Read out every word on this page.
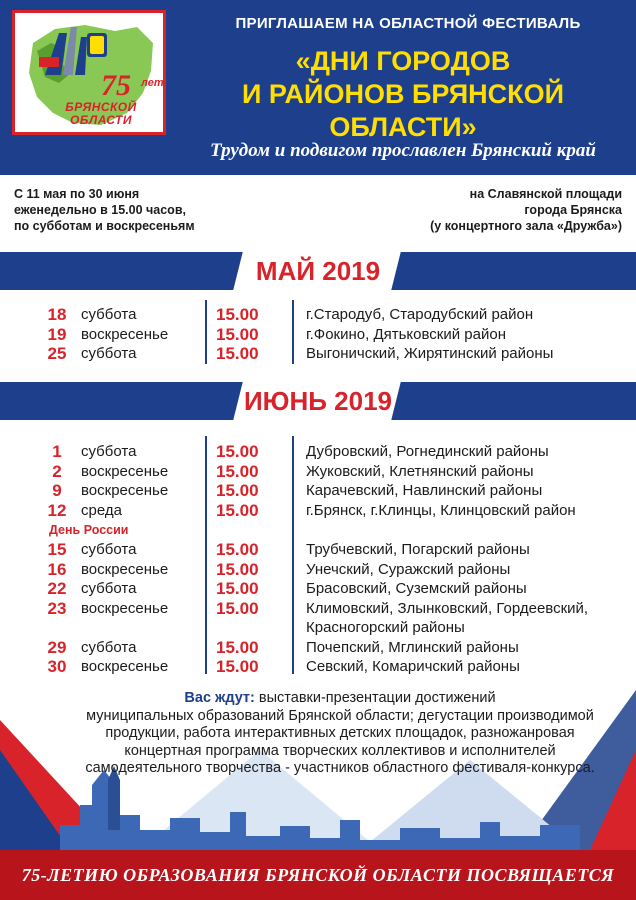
75 лет
БРЯНСКОЙ
ОБЛАСТИ
ПРИГЛАШАЕМ НА ОБЛАСТНОЙ ФЕСТИВАЛЬ
«ДНИ ГОРОДОВ
И РАЙОНОВ БРЯНСКОЙ ОБЛАСТИ»
Трудом и подвигом прославлен Брянский край
С 11 мая по 30 июня
еженедельно в 15.00 часов,
по субботам и воскресеньям
на Славянской площади
города Брянска
(у концертного зала «Дружба»)
МАЙ 2019
18 суббота	15.00	г.Стародуб, Стародубский район
19 воскресенье	15.00	г.Фокино, Дятьковский район
25 суббота	15.00	Выгоничский, Жирятинский районы
ИЮНЬ 2019
1	суббота	15.00	Дубровский, Рогнединский районы
2	воскресенье	15.00	Жуковский, Клетнянский районы
9	воскресенье	15.00	Карачевский, Навлинский районы
12 среда	15.00	г.Брянск, г.Клинцы, Клинцовский район
День России
15 суббота	15.00	Трубчевский, Погарский районы
16 воскресенье	15.00	Унечский, Суражский районы
22 суббота	15.00	Брасовский, Суземский районы
23 воскресенье	15.00	Климовский, Злынковский, Гордеевский,
Красногорский районы
29 суббота	15.00	Почепский, Мглинский районы
30 воскресенье	15.00	Севский, Комаричский районы
Вас ждут: выставки-презентации достижений
муниципальных образований Брянской области; дегустации производимой
продукции, работа интерактивных детских площадок, разножанровая
концертная программа творческих коллективов и исполнителей
самодеятельного творчества - участников областного фестиваля-конкурса.
75-ЛЕТИЮ ОБРАЗОВАНИЯ БРЯНСКОЙ ОБЛАСТИ ПОСВЯЩАЕТСЯ
